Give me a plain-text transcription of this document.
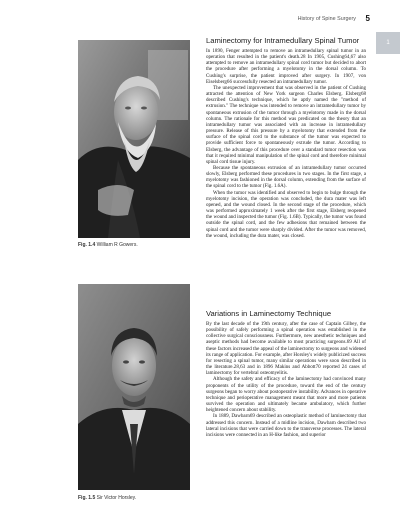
History of Spine Surgery 5
1
Fig. 1.4 William R Gowers.
Fig. 1.5 Sir Victor Horsley.
Laminectomy for Intramedullary Spinal Tumor

In 1890, Fenger attempted to remove an intramedullary spinal tumor in an operation that resulted in the patient's death.28 In 1905, Cushing64,67 also attempted to remove an intramedullary spinal cord tumor but decided to abort the procedure after performing a myelotomy in the dorsal column. To Cushing's surprise, the patient improved after surgery. In 1907, von Eiselsberg66 successfully resected an intramedullary tumor.

The unexpected improvement that was observed in the patient of Cushing attracted the attention of New York surgeon Charles Elsberg. Elsberg68 described Cushing's technique, which he aptly named the "method of extrusion." The technique was intended to remove an intramedullary tumor by spontaneous extrusion of the tumor through a myelotomy made in the dorsal column. The rationale for this method was predicated on the theory that an intramedullary tumor was associated with an increase in intramedullary pressure. Release of this pressure by a myelotomy that extended from the surface of the spinal cord to the substance of the tumor was expected to provide sufficient force to spontaneously extrude the tumor. According to Elsberg, the advantage of this procedure over a standard tumor resection was that it required minimal manipulation of the spinal cord and therefore minimal spinal cord tissue injury.

Because the spontaneous extrusion of an intramedullary tumor occurred slowly, Elsberg performed these procedures in two stages. In the first stage, a myelotomy was fashioned in the dorsal column, extending from the surface of the spinal cord to the tumor (Fig. 1.6A).

When the tumor was identified and observed to begin to bulge through the myelotomy incision, the operation was concluded, the dura mater was left opened, and the wound closed. In the second stage of the procedure, which was performed approximately 1 week after the first stage, Elsberg reopened the wound and inspected the tumor (Fig. 1.6B). Typically, the tumor was found outside the spinal cord, and the few adhesions that remained between the spinal cord and the tumor were sharply divided. After the tumor was removed, the wound, including the dura mater, was closed.

Variations in Laminectomy Technique

By the last decade of the 19th century, after the case of Captain Gilbey, the possibility of safely performing a spinal operation was established in the collective surgical consciousness. Furthermore, new anesthetic techniques and aseptic methods had become available to most practicing surgeons.69 All of these factors increased the appeal of the laminectomy to surgeons and widened its range of application. For example, after Horsley's widely publicized success for resecting a spinal tumor, many similar operations were soon described in the literature.28,63 and in 1896 Makins and Abbott70 reported 24 cases of laminectomy for vertebral osteomyelitis.

Although the safety and efficacy of the laminectomy had convinced many proponents of the utility of the procedure, toward the end of the century surgeons began to worry about postoperative instability. Advances in operative technique and perioperative management meant that more and more patients survived the operation and ultimately became ambulatory, which further heightened concern about stability.

In 1889, Dawbarn69 described an osteoplastic method of laminectomy that addressed this concern. Instead of a midline incision, Dawbarn described two lateral incisions that were carried down to the transverse processes. The lateral incisions were connected in an H-like fashion, and superior
